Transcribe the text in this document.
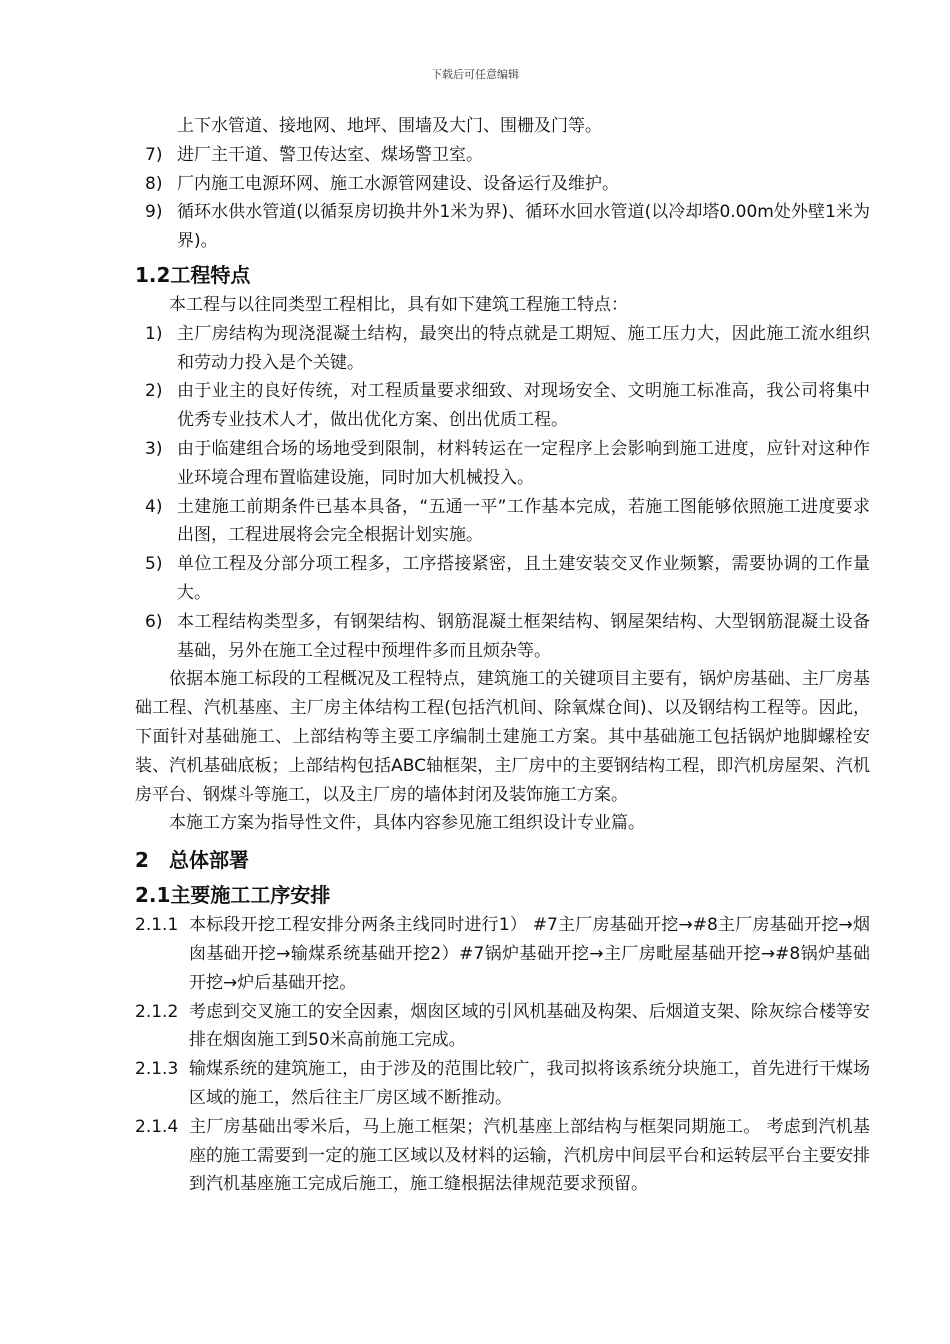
下载后可任意编辑

上下水管道、接地网、地坪、围墙及大门、围栅及门等。

7) 进厂主干道、警卫传达室、煤场警卫室。
8) 厂内施工电源环网、施工水源管网建设、设备运行及维护。
9) 循环水供水管道(以循泵房切换井外1米为界)、循环水回水管道(以冷却塔0.00m处外壁1米为界)。
1.2工程特点

本工程与以往同类型工程相比，具有如下建筑工程施工特点：

1) 主厂房结构为现浇混凝土结构，最突出的特点就是工期短、施工压力大，因此施工流水组织和劳动力投入是个关键。
2) 由于业主的良好传统，对工程质量要求细致、对现场安全、文明施工标准高，我公司将集中优秀专业技术人才，做出优化方案、创出优质工程。
3) 由于临建组合场的场地受到限制，材料转运在一定程序上会影响到施工进度，应针对这种作业环境合理布置临建设施，同时加大机械投入。
4) 土建施工前期条件已基本具备，“五通一平”工作基本完成，若施工图能够依照施工进度要求出图，工程进展将会完全根据计划实施。
5) 单位工程及分部分项工程多，工序搭接紧密，且土建安装交叉作业频繁，需要协调的工作量大。
6) 本工程结构类型多，有钢架结构、钢筋混凝土框架结构、钢屋架结构、大型钢筋混凝土设备基础，另外在施工全过程中预埋件多而且烦杂等。

依据本施工标段的工程概况及工程特点，建筑施工的关键项目主要有，锅炉房基础、主厂房基础工程、汽机基座、主厂房主体结构工程(包括汽机间、除氧煤仓间)、以及钢结构工程等。因此，下面针对基础施工、上部结构等主要工序编制土建施工方案。其中基础施工包括锅炉地脚螺栓安装、汽机基础底板；上部结构包括ABC轴框架，主厂房中的主要钢结构工程，即汽机房屋架、汽机房平台、钢煤斗等施工，以及主厂房的墙体封闭及装饰施工方案。

本施工方案为指导性文件，具体内容参见施工组织设计专业篇。

2	总体部署
2.1主要施工工序安排
2.1.1 本标段开挖工程安排分两条主线同时进行1） #7主厂房基础开挖→#8主厂房基础开挖→烟囱基础开挖→输煤系统基础开挖2）#7锅炉基础开挖→主厂房毗屋基础开挖→#8锅炉基础开挖→炉后基础开挖。
2.1.2 考虑到交叉施工的安全因素，烟囱区域的引风机基础及构架、后烟道支架、除灰综合楼等安排在烟囱施工到50米高前施工完成。
2.1.3 输煤系统的建筑施工，由于涉及的范围比较广，我司拟将该系统分块施工，首先进行干煤场区域的施工，然后往主厂房区域不断推动。
2.1.4 主厂房基础出零米后，马上施工框架；汽机基座上部结构与框架同期施工。 考虑到汽机基座的施工需要到一定的施工区域以及材料的运输，汽机房中间层平台和运转层平台主要安排到汽机基座施工完成后施工，施工缝根据法律规范要求预留。
